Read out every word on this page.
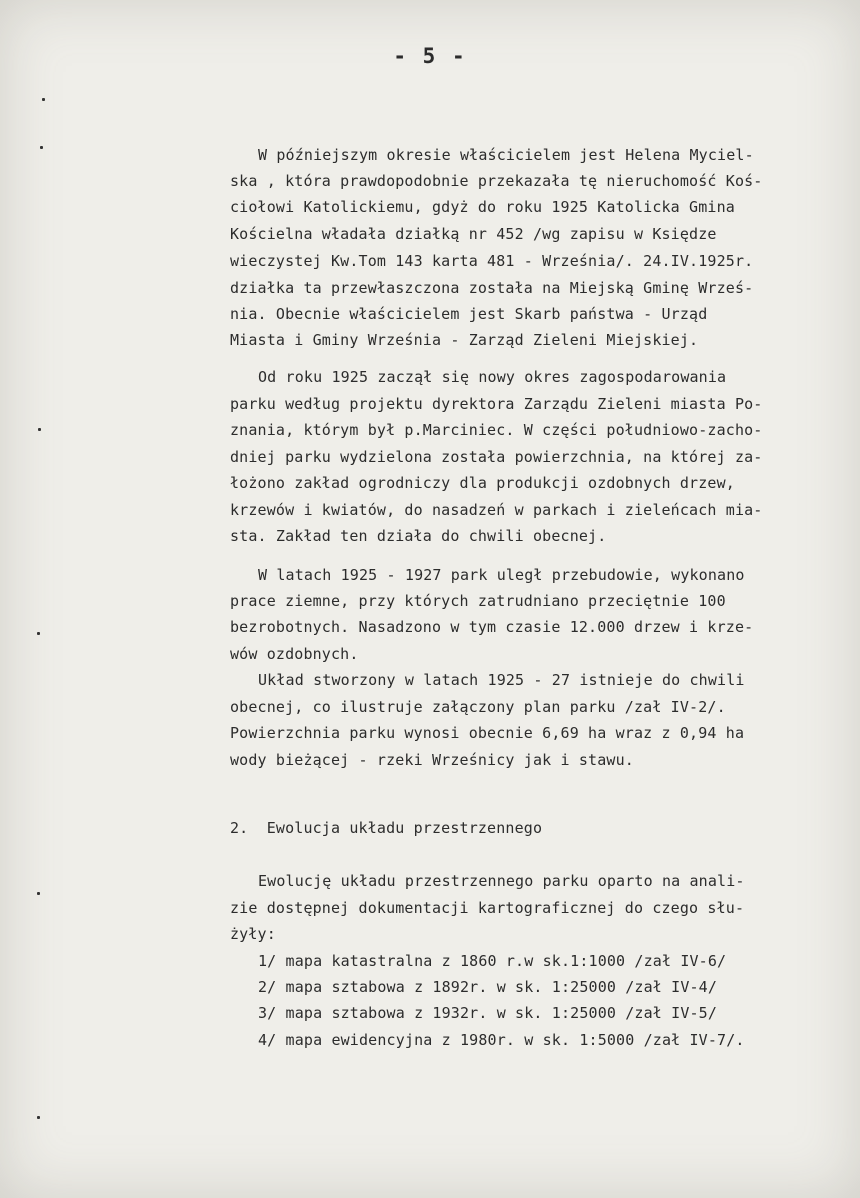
- 5 -
W późniejszym okresie właścicielem jest Helena Myciel-
ska , która prawdopodobnie przekazała tę nieruchomość Koś-
ciołowi Katolickiemu, gdyż do roku 1925 Katolicka Gmina
Kościelna władała działką nr 452 /wg zapisu w Księdze
wieczystej Kw.Tom 143 karta 481 - Września/. 24.IV.1925r.
działka ta przewłaszczona została na Miejską Gminę Wrześ-
nia. Obecnie właścicielem jest Skarb państwa - Urząd
Miasta i Gminy Września - Zarząd Zieleni Miejskiej.
Od roku 1925 zaczął się nowy okres zagospodarowania
parku według projektu dyrektora Zarządu Zieleni miasta Po-
znania, którym był p.Marciniec. W części południowo-zacho-
dniej parku wydzielona została powierzchnia, na której za-
łożono zakład ogrodniczy dla produkcji ozdobnych drzew,
krzewów i kwiatów, do nasadzeń w parkach i zieleńcach mia-
sta. Zakład ten działa do chwili obecnej.
W latach 1925 - 1927 park uległ przebudowie, wykonano
prace ziemne, przy których zatrudniano przeciętnie 100
bezrobotnych. Nasadzono w tym czasie 12.000 drzew i krze-
wów ozdobnych.
Układ stworzony w latach 1925 - 27 istnieje do chwili
obecnej, co ilustruje załączony plan parku /zał IV-2/.
Powierzchnia parku wynosi obecnie 6,69 ha wraz z 0,94 ha
wody bieżącej - rzeki Wrześnicy jak i stawu.
2.  Ewolucja układu przestrzennego
Ewolucję układu przestrzennego parku oparto na anali-
zie dostępnej dokumentacji kartograficznej do czego słu-
żyły:
1/ mapa katastralna z 1860 r.w sk.1:1000 /zał IV-6/
2/ mapa sztabowa z 1892r. w sk. 1:25000 /zał IV-4/
3/ mapa sztabowa z 1932r. w sk. 1:25000 /zał IV-5/
4/ mapa ewidencyjna z 1980r. w sk. 1:5000 /zał IV-7/.
